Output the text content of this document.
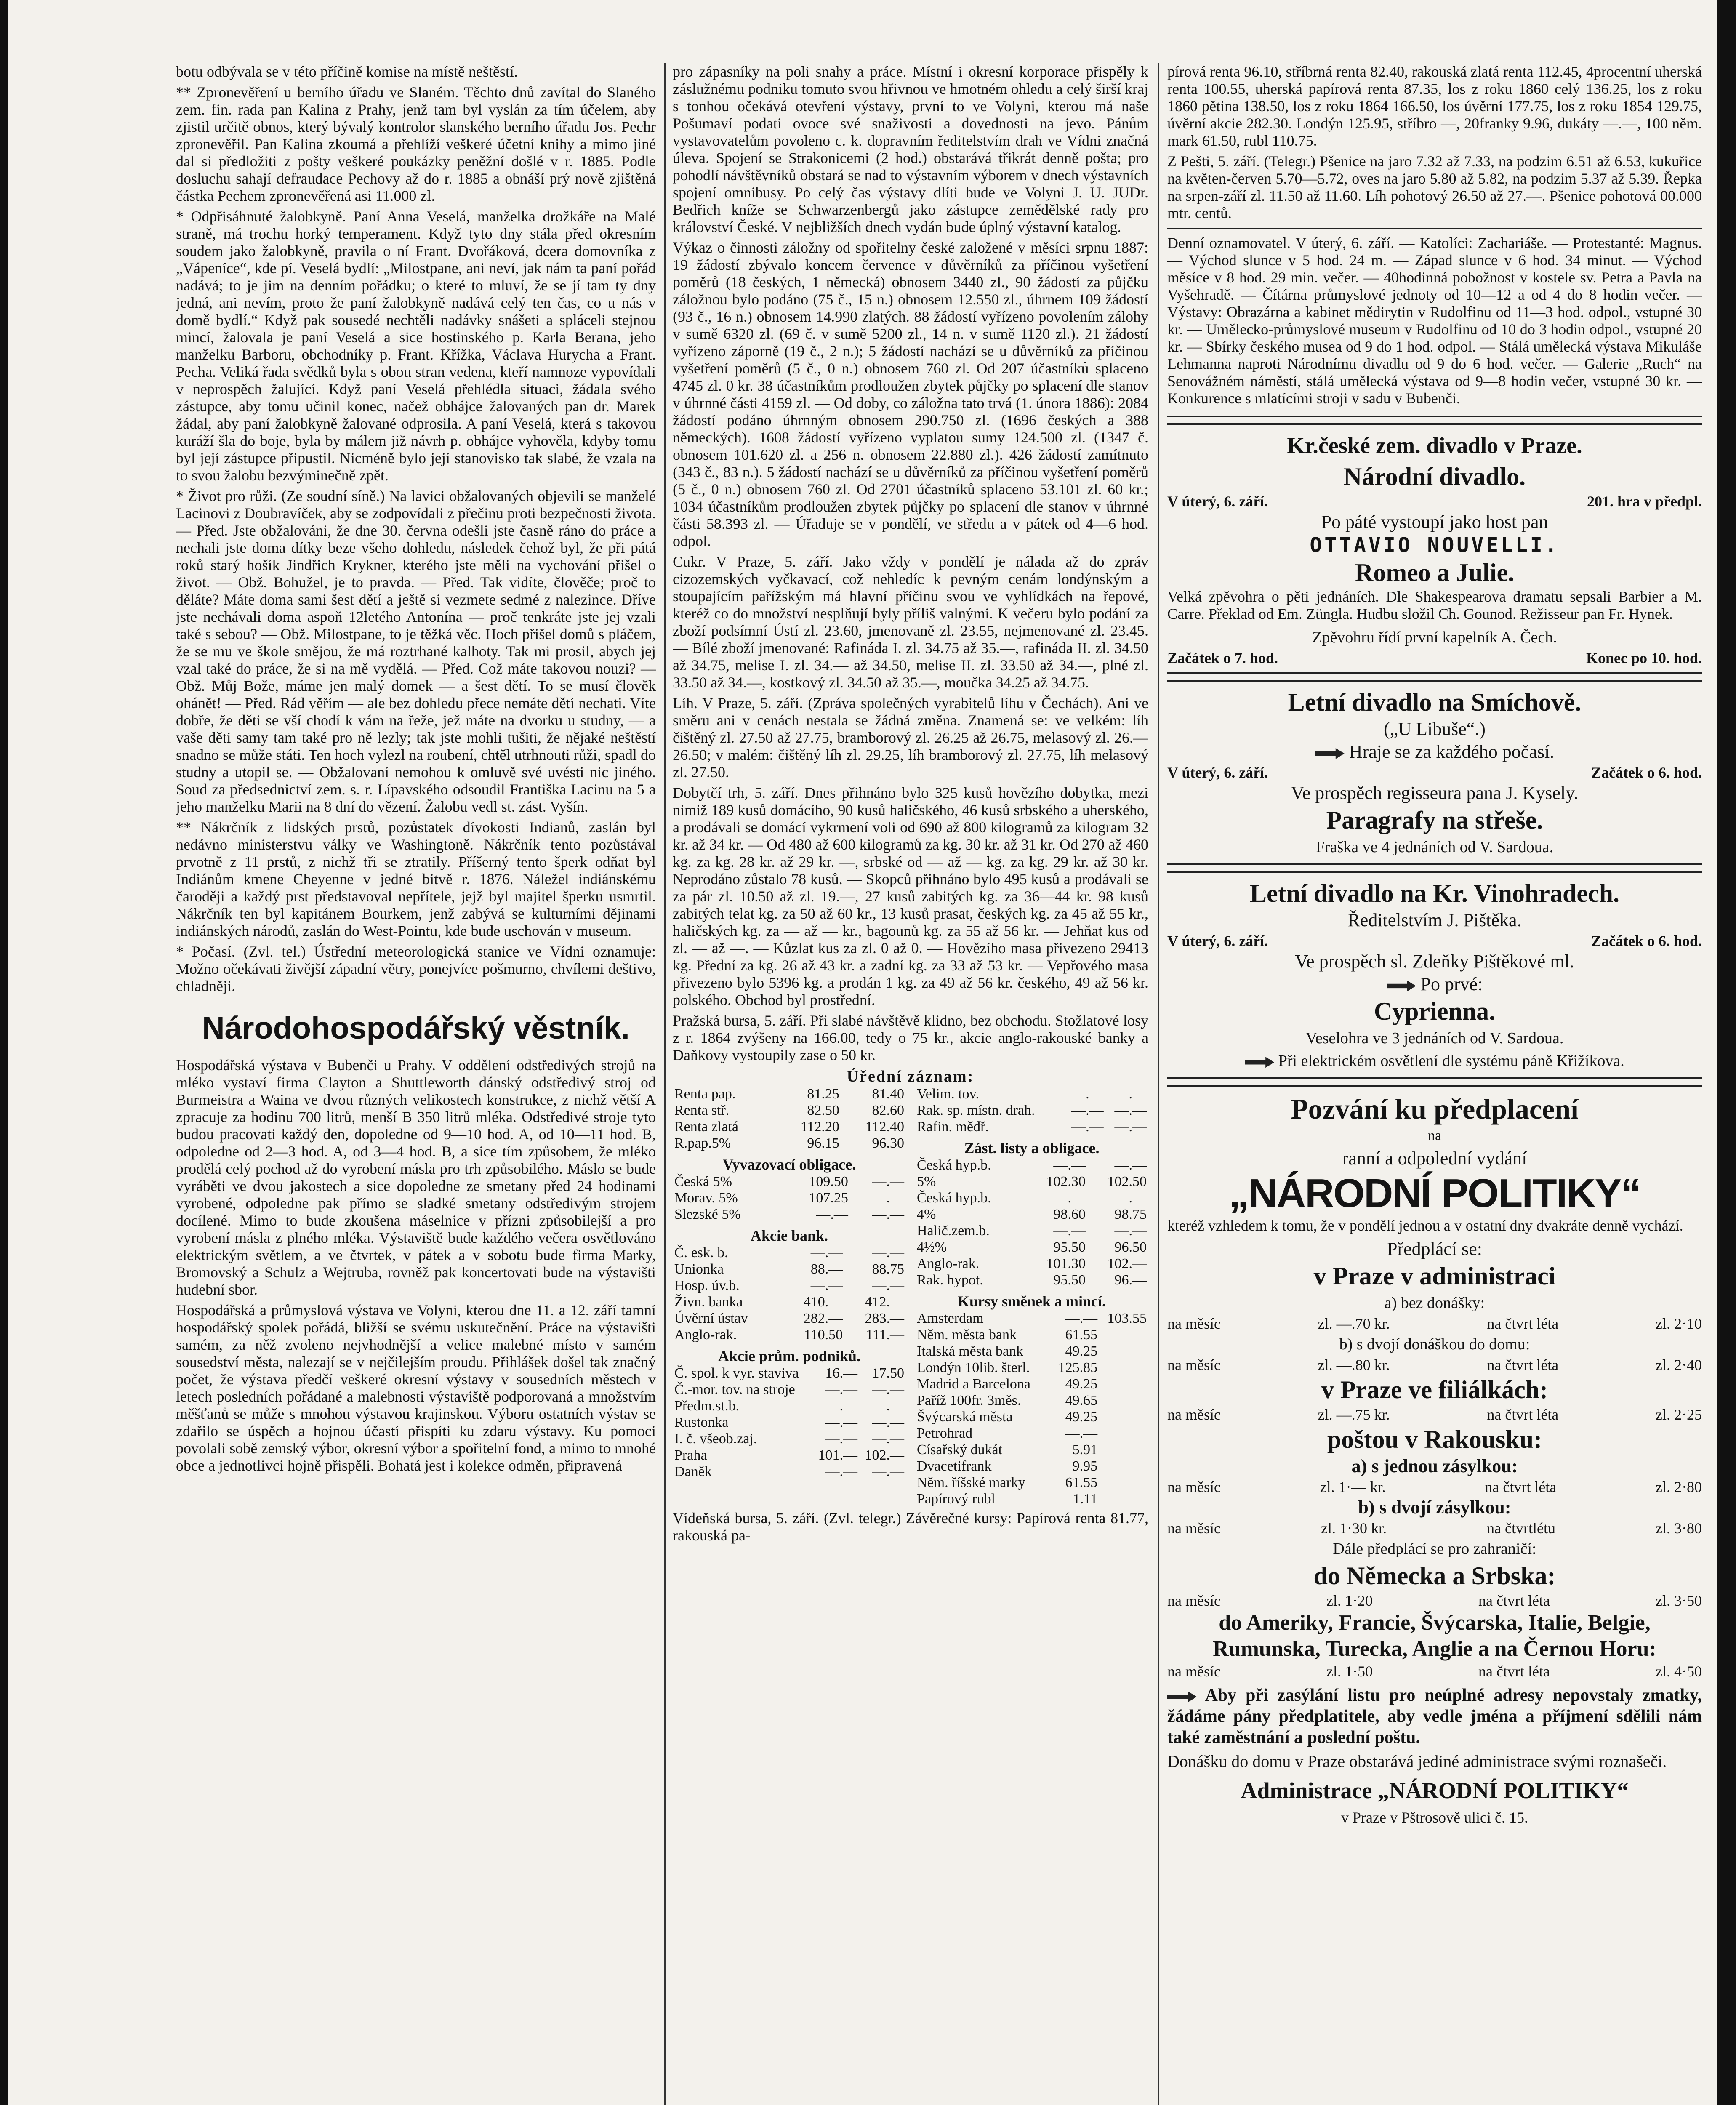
botu odbývala se v této příčině komise na místě neštěstí.

** Zpronevěření u berního úřadu ve Slaném. Těchto dnů zavítal do Slaného zem. fin. rada pan Kalina z Prahy, jenž tam byl vyslán za tím účelem, aby zjistil určitě obnos, který bývalý kontrolor slanského berního úřadu Jos. Pechr zpronevěřil. Pan Kalina zkoumá a přehlíží veškeré účetní knihy a mimo jiné dal si předložiti z pošty veškeré poukázky peněžní došlé v r. 1885. Podle dosluchu sahají defraudace Pechovy až do r. 1885 a obnáší prý nově zjištěná částka Pechem zpronevěřená asi 11.000 zl.

* Odpřisáhnuté žalobkyně. Paní Anna Veselá, manželka drožkáře na Malé straně, má trochu horký temperament. Když tyto dny stála před okresním soudem jako žalobkyně, pravila o ní Frant. Dvořáková, dcera domovníka z „Vápeníce“, kde pí. Veselá bydlí: „Milostpane, ani neví, jak nám ta paní pořád nadává; to je jim na denním pořádku; o které to mluví, že se jí tam ty dny jedná, ani nevím, proto že paní žalobkyně nadává celý ten čas, co u nás v domě bydlí.“ Když pak sousedé nechtěli nadávky snášeti a spláceli stejnou mincí, žalovala je paní Veselá a sice hostinského p. Karla Berana, jeho manželku Barboru, obchodníky p. Frant. Křížka, Václava Hurycha a Frant. Pecha. Veliká řada svědků byla s obou stran vedena, kteří namnoze vypovídali v neprospěch žalující. Když paní Veselá přehlédla situaci, žádala svého zástupce, aby tomu učinil konec, načež obhájce žalovaných pan dr. Marek žádal, aby paní žalobkyně žalované odprosila. A paní Veselá, která s takovou kuráží šla do boje, byla by málem již návrh p. obhájce vyhověla, kdyby tomu byl její zástupce připustil. Nicméně bylo její stanovisko tak slabé, že vzala na to svou žalobu bezvýminečně zpět.

* Život pro růži. (Ze soudní síně.) Na lavici obžalovaných objevili se manželé Lacinovi z Doubravíček, aby se zodpovídali z přečinu proti bezpečnosti života. — Před. Jste obžalováni, že dne 30. června odešli jste časně ráno do práce a nechali jste doma dítky beze všeho dohledu, následek čehož byl, že při pátá roků starý hošík Jindřich Krykner, kterého jste měli na vychování přišel o život. — Obž. Bohužel, je to pravda. — Před. Tak vidíte, člověče; proč to děláte? Máte doma sami šest dětí a ještě si vezmete sedmé z nalezince. Dříve jste nechávali doma aspoň 12letého Antonína — proč tenkráte jste jej vzali také s sebou? — Obž. Milostpane, to je těžká věc. Hoch přišel domů s pláčem, že se mu ve škole smějou, že má roztrhané kalhoty. Tak mi prosil, abych jej vzal také do práce, že si na mě vydělá. — Před. Což máte takovou nouzi? — Obž. Můj Bože, máme jen malý domek — a šest dětí. To se musí člověk ohánět! — Před. Rád věřím — ale bez dohledu přece nemáte dětí nechati. Víte dobře, že děti se vší chodí k vám na řeže, jež máte na dvorku u studny, — a vaše děti samy tam také pro ně lezly; tak jste mohli tušiti, že nějaké neštěstí snadno se může státi. Ten hoch vylezl na roubení, chtěl utrhnouti růži, spadl do studny a utopil se. — Obžalovaní nemohou k omluvě své uvésti nic jiného. Soud za předsednictví zem. s. r. Lípavského odsoudil Františka Lacinu na 5 a jeho manželku Marii na 8 dní do vězení. Žalobu vedl st. zást. Vyšín.

** Nákrčník z lidských prstů, pozůstatek dívokosti Indianů, zaslán byl nedávno ministerstvu války ve Washingtoně. Nákrčník tento pozůstával prvotně z 11 prstů, z nichž tři se ztratily. Příšerný tento šperk odňat byl Indiánům kmene Cheyenne v jedné bitvě r. 1876. Náležel indiánskému čaroději a každý prst představoval nepřítele, jejž byl majitel šperku usmrtil. Nákrčník ten byl kapitánem Bourkem, jenž zabývá se kulturními dějinami indiánských národů, zaslán do West-Pointu, kde bude uschován v museum.

* Počasí. (Zvl. tel.) Ústřední meteorologická stanice ve Vídni oznamuje: Možno očekávati živější západní větry, ponejvíce pošmurno, chvílemi deštivo, chladněji.

Národohospodářský věstník.

Hospodářská výstava v Bubenči u Prahy. V oddělení odstředivých strojů na mléko vystaví firma Clayton a Shuttleworth dánský odstředivý stroj od Burmeistra a Waina ve dvou různých velikostech konstrukce, z nichž větší A zpracuje za hodinu 700 litrů, menší B 350 litrů mléka. Odstředivé stroje tyto budou pracovati každý den, dopoledne od 9—10 hod. A, od 10—11 hod. B, odpoledne od 2—3 hod. A, od 3—4 hod. B, a sice tím způsobem, že mléko prodělá celý pochod až do vyrobení másla pro trh způsobilého. Máslo se bude vyráběti ve dvou jakostech a sice dopoledne ze smetany před 24 hodinami vyrobené, odpoledne pak přímo se sladké smetany odstředivým strojem docílené. Mimo to bude zkoušena máselnice v přízni způsobilejší a pro vyrobení másla z plného mléka. Výstaviště bude každého večera osvětlováno elektrickým světlem, a ve čtvrtek, v pátek a v sobotu bude firma Marky, Bromovský a Schulz a Wejtruba, rovněž pak koncertovati bude na výstavišti hudební sbor.

Hospodářská a průmyslová výstava ve Volyni, kterou dne 11. a 12. září tamní hospodářský spolek pořádá, bližší se svému uskutečnění. Práce na výstavišti samém, za něž zvoleno nejvhodnější a velice malebné místo v samém sousedství města, nalezají se v nejčilejším proudu. Přihlášek došel tak značný počet, že výstava předčí veškeré okresní výstavy v sousedních městech v letech posledních pořádané a malebnosti výstaviště podporovaná a množstvím měšťanů se může s mnohou výstavou krajinskou. Výboru ostatních výstav se zdařilo se úspěch a hojnou účastí přispíti ku zdaru výstavy. Ku pomoci povolali sobě zemský výbor, okresní výbor a spořitelní fond, a mimo to mnohé obce a jednotlivci hojně přispěli. Bohatá jest i kolekce odměn, připravená

pro zápasníky na poli snahy a práce. Místní i okresní korporace přispěly k záslužnému podniku tomuto svou hřivnou ve hmotném ohledu a celý širší kraj s tonhou očekává otevření výstavy, první to ve Volyni, kterou má naše Pošumaví podati ovoce své snaživosti a dovednosti na jevo. Pánům vystavovatelům povoleno c. k. dopravním ředitelstvím drah ve Vídni značná úleva. Spojení se Strakonicemi (2 hod.) obstarává třikrát denně pošta; pro pohodlí návštěvníků obstará se nad to výstavním výborem v dnech výstavních spojení omnibusy. Po celý čas výstavy dlíti bude ve Volyni J. U. JUDr. Bedřich kníže se Schwarzenbergů jako zástupce zemědělské rady pro království České. V nejbližších dnech vydán bude úplný výstavní katalog.

Výkaz o činnosti záložny od spořitelny české založené v měsíci srpnu 1887: 19 žádostí zbývalo koncem července v důvěrníků za příčinou vyšetření poměrů (18 českých, 1 německá) obnosem 3440 zl., 90 žádostí za půjčku záložnou bylo podáno (75 č., 15 n.) obnosem 12.550 zl., úhrnem 109 žádostí (93 č., 16 n.) obnosem 14.990 zlatých. 88 žádostí vyřízeno povolením zálohy v sumě 6320 zl. (69 č. v sumě 5200 zl., 14 n. v sumě 1120 zl.). 21 žádostí vyřízeno záporně (19 č., 2 n.); 5 žádostí nachází se u důvěrníků za příčinou vyšetření poměrů (5 č., 0 n.) obnosem 760 zl. Od 207 účastníků splaceno 4745 zl. 0 kr. 38 účastníkům prodloužen zbytek půjčky po splacení dle stanov v úhrnné části 4159 zl. — Od doby, co záložna tato trvá (1. února 1886): 2084 žádostí podáno úhrnným obnosem 290.750 zl. (1696 českých a 388 německých). 1608 žádostí vyřízeno vyplatou sumy 124.500 zl. (1347 č. obnosem 101.620 zl. a 256 n. obnosem 22.880 zl.). 426 žádostí zamítnuto (343 č., 83 n.). 5 žádostí nachází se u důvěrníků za příčinou vyšetření poměrů (5 č., 0 n.) obnosem 760 zl. Od 2701 účastníků splaceno 53.101 zl. 60 kr.; 1034 účastníkům prodloužen zbytek půjčky po splacení dle stanov v úhrnné části 58.393 zl. — Úřaduje se v pondělí, ve středu a v pátek od 4—6 hod. odpol.

Cukr. V Praze, 5. září. Jako vždy v pondělí je nálada až do zpráv cizozemských vyčkavací, což nehledíc k pevným cenám londýnským a stoupajícím pařížským má hlavní příčinu svou ve vyhlídkách na řepové, kteréž co do množství nesplňují byly příliš valnými. K večeru bylo podání za zboží podsímní Ústí zl. 23.60, jmenovaně zl. 23.55, nejmenované zl. 23.45. — Bílé zboží jmenované: Rafináda I. zl. 34.75 až 35.—, rafináda II. zl. 34.50 až 34.75, melise I. zl. 34.— až 34.50, melise II. zl. 33.50 až 34.—, plné zl. 33.50 až 34.—, kostkový zl. 34.50 až 35.—, moučka 34.25 až 34.75.

Líh. V Praze, 5. září. (Zpráva společných vyrabitelů líhu v Čechách). Ani ve směru ani v cenách nestala se žádná změna. Znamená se: ve velkém: líh čištěný zl. 27.50 až 27.75, bramborový zl. 26.25 až 26.75, melasový zl. 26.—26.50; v malém: čištěný líh zl. 29.25, líh bramborový zl. 27.75, líh melasový zl. 27.50.

Dobytčí trh, 5. září. Dnes přihnáno bylo 325 kusů hovězího dobytka, mezi nimiž 189 kusů domácího, 90 kusů haličského, 46 kusů srbského a uherského, a prodávali se domácí vykrmení voli od 690 až 800 kilogramů za kilogram 32 kr. až 34 kr. — Od 480 až 600 kilogramů za kg. 30 kr. až 31 kr. Od 270 až 460 kg. za kg. 28 kr. až 29 kr. —, srbské od — až — kg. za kg. 29 kr. až 30 kr. Neprodáno zůstalo 78 kusů. — Skopců přihnáno bylo 495 kusů a prodávali se za pár zl. 10.50 až zl. 19.—, 27 kusů zabitých kg. za 36—44 kr. 98 kusů zabitých telat kg. za 50 až 60 kr., 13 kusů prasat, českých kg. za 45 až 55 kr., haličských kg. za — až — kr., bagounů kg. za 55 až 56 kr. — Jehňat kus od zl. — až —. — Kůzlat kus za zl. 0 až 0. — Hovězího masa přivezeno 29413 kg. Přední za kg. 26 až 43 kr. a zadní kg. za 33 až 53 kr. — Vepřového masa přivezeno bylo 5396 kg. a prodán 1 kg. za 49 až 56 kr. českého, 49 až 56 kr. polského. Obchod byl prostřední.

Pražská bursa, 5. září. Při slabé návštěvě klidno, bez obchodu. Stožlatové losy z r. 1864 zvýšeny na 166.00, tedy o 75 kr., akcie anglo-rakouské banky a Daňkovy vystoupily zase o 50 kr.

Úřední záznam:
Renta pap.	81.25	81.40
Renta stř.	82.50	82.60
Renta zlatá	112.20	112.40
R.pap.5%	96.15	96.30
Vyvazovací obligace.
Česká 5%	109.50	—.—
Morav. 5%	107.25	—.—
Slezské 5%	—.—	—.—
Akcie bank.
Č. esk. b.	—.—	—.—
Unionka	88.—	88.75
Hosp. úv.b.	—.—	—.—
Živn. banka	410.—	412.—
Úvěrní ústav	282.—	283.—
Anglo-rak.	110.50	111.—
Akcie prům. podniků.
Č. spol. k vyr. staviva	16.—	17.50
Č.-mor. tov. na stroje	—.—	—.—
Předm.st.b.	—.—	—.—
Rustonka	—.—	—.—
I. č. všeob.zaj.	—.—	—.—
Praha	101.—	102.—
Daněk	—.—	—.—
Velim. tov.	—.—	—.—
Rak. sp. místn. drah.	—.—	—.—
Rafin. mědř.	—.—	—.—
Zást. listy a obligace.
Česká hyp.b.	—.—	—.—
5%	102.30	102.50
Česká hyp.b.	—.—	—.—
4%	98.60	98.75
Halič.zem.b.	—.—	—.—
4½%	95.50	96.50
Anglo-rak.	101.30	102.—
Rak. hypot.	95.50	96.—
Kursy směnek a mincí.
Amsterdam	—.—	103.55
Něm. města bank	61.55	
Italská města bank	49.25	
Londýn 10lib. šterl.	125.85	
Madrid a Barcelona	49.25	
Paříž 100fr. 3měs.	49.65	
Švýcarská města	49.25	
Petrohrad	—.—	
Císařský dukát	5.91	
Dvacetifrank	9.95	
Něm. říšské marky	61.55	
Papírový rubl	1.11	

Vídeňská bursa, 5. září. (Zvl. telegr.) Závěrečné kursy: Papírová renta 81.77, rakouská pa-

pírová renta 96.10, stříbrná renta 82.40, rakouská zlatá renta 112.45, 4procentní uherská renta 100.55, uherská papírová renta 87.35, los z roku 1860 celý 136.25, los z roku 1860 pětina 138.50, los z roku 1864 166.50, los úvěrní 177.75, los z roku 1854 129.75, úvěrní akcie 282.30. Londýn 125.95, stříbro —, 20franky 9.96, dukáty —.—, 100 něm. mark 61.50, rubl 110.75.

Z Pešti, 5. září. (Telegr.) Pšenice na jaro 7.32 až 7.33, na podzim 6.51 až 6.53, kukuřice na květen-červen 5.70—5.72, oves na jaro 5.80 až 5.82, na podzim 5.37 až 5.39. Řepka na srpen-září zl. 11.50 až 11.60. Líh pohotový 26.50 až 27.—. Pšenice pohotová 00.000 mtr. centů.

Denní oznamovatel. V úterý, 6. září. — Katolíci: Zachariáše. — Protestanté: Magnus. — Východ slunce v 5 hod. 24 m. — Západ slunce v 6 hod. 34 minut. — Východ měsíce v 8 hod. 29 min. večer. — 40hodinná pobožnost v kostele sv. Petra a Pavla na Vyšehradě. — Čítárna průmyslové jednoty od 10—12 a od 4 do 8 hodin večer. — Výstavy: Obrazárna a kabinet mědirytin v Rudolfinu od 11—3 hod. odpol., vstupné 30 kr. — Umělecko-průmyslové museum v Rudolfinu od 10 do 3 hodin odpol., vstupné 20 kr. — Sbírky českého musea od 9 do 1 hod. odpol. — Stálá umělecká výstava Mikuláše Lehmanna naproti Národnímu divadlu od 9 do 6 hod. večer. — Galerie „Ruch“ na Senovážném náměstí, stálá umělecká výstava od 9—8 hodin večer, vstupné 30 kr. — Konkurence s mlatícími stroji v sadu v Bubenči.

Kr.české zem. divadlo v Praze.
Národní divadlo.
V úterý, 6. září.	201. hra v předpl.
Po páté vystoupí jako host pan
OTTAVIO NOUVELLI.
Romeo a Julie.

Velká zpěvohra o pěti jednáních. Dle Shakespearova dramatu sepsali Barbier a M. Carre. Překlad od Em. Züngla. Hudbu složil Ch. Gounod. Režisseur pan Fr. Hynek.

Zpěvohru řídí první kapelník A. Čech.
Začátek o 7. hod.	Konec po 10. hod.
Letní divadlo na Smíchově.
(„U Libuše“.)
Hraje se za každého počasí.
V úterý, 6. září.	Začátek o 6. hod.
Ve prospěch regisseura pana J. Kysely.
Paragrafy na střeše.
Fraška ve 4 jednáních od V. Sardoua.
Letní divadlo na Kr. Vinohradech.
Ředitelstvím J. Pištěka.
V úterý, 6. září.	Začátek o 6. hod.
Ve prospěch sl. Zdeňky Pištěkové ml.
Po prvé:
Cyprienna.
Veselohra ve 3 jednáních od V. Sardoua.
Při elektrickém osvětlení dle systému páně Křižíkova.
Pozvání ku předplacení
na
ranní a odpolední vydání
„NÁRODNÍ POLITIKY“

kteréž vzhledem k tomu, že v pondělí jednou a v ostatní dny dvakráte denně vychází.

Předplácí se:
v Praze v administraci
a) bez donášky:
na měsíc	zl. —.70 kr.	na čtvrt léta	zl. 2·10
b) s dvojí donáškou do domu:
na měsíc	zl. —.80 kr.	na čtvrt léta	zl. 2·40
v Praze ve filiálkách:
na měsíc	zl. —.75 kr.	na čtvrt léta	zl. 2·25
poštou v Rakousku:
a) s jednou zásylkou:
na měsíc	zl. 1·— kr.	na čtvrt léta	zl. 2·80
b) s dvojí zásylkou:
na měsíc	zl. 1·30 kr.	na čtvrtlétu	zl. 3·80
Dále předplácí se pro zahraničí:
do Německa a Srbska:
na měsíc	zl. 1·20	na čtvrt léta	zl. 3·50
do Ameriky, Francie, Švýcarska, Italie, Belgie, Rumunska, Turecka, Anglie a na Černou Horu:
na měsíc	zl. 1·50	na čtvrt léta	zl. 4·50

Aby při zasýlání listu pro neúplné adresy nepovstaly zmatky, žádáme pány předplatitele, aby vedle jména a příjmení sdělili nám také zaměstnání a poslední poštu.

Donášku do domu v Praze obstarává jediné administrace svými roznašeči.

Administrace „NÁRODNÍ POLITIKY“
v Praze v Pštrosově ulici č. 15.
